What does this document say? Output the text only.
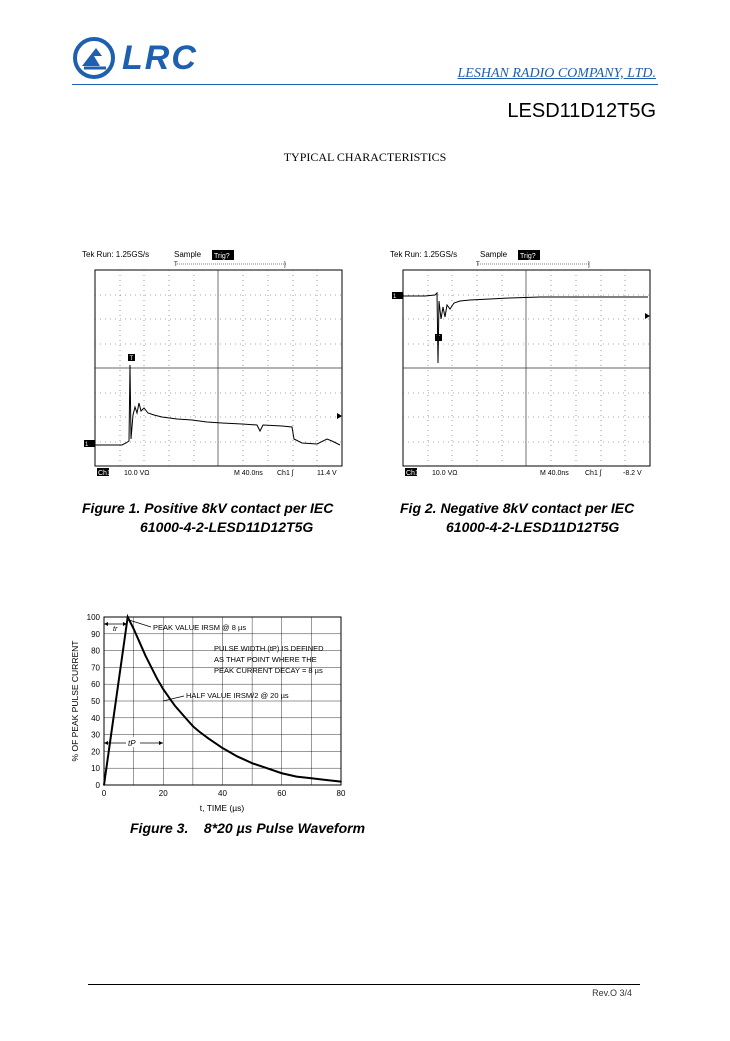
LRC	LESHAN RADIO COMPANY, LTD.
LESD11D12T5G
TYPICAL CHARACTERISTICS
Tek Run: 1.25GS/s	Sample Trig?
T	]
T
1
Ch1 10.0 VΩ	M 40.0ns Ch1 ʃ	11.4 V
Tek Run: 1.25GS/s	Sample Trig?
T	]
T
1
Ch1 10.0 VΩ	M 40.0ns Ch1 ʃ	-8.2 V
Figure 1. Positive 8kV contact per IEC
61000-4-2-LESD11D12T5G
Fig 2. Negative 8kV contact per IEC
61000-4-2-LESD11D12T5G
0
10
20
30
40
50
60
70
80
90
100
0	20	40	60	80
% OF PEAK PULSE CURRENT
t, TIME (µs)
tr	PEAK VALUE IRSM @ 8 µs
PULSE WIDTH (tP) IS DEFINED
AS THAT POINT WHERE THE
PEAK CURRENT DECAY = 8 µs
HALF VALUE IRSM/2 @ 20 µs
tP
Figure 3.    8*20 µs Pulse Waveform
Rev.O 3/4
